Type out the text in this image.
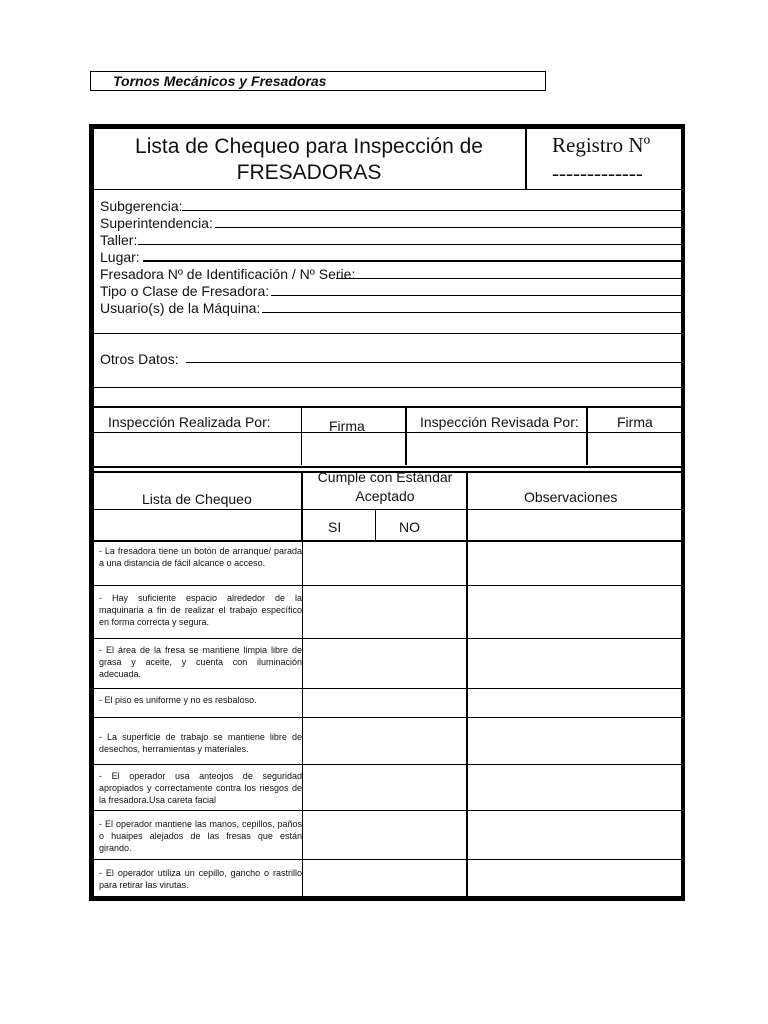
Tornos Mecánicos y Fresadoras
Lista de Chequeo para Inspección de
FRESADORAS
Registro Nº
-------------
Subgerencia:
Superintendencia:
Taller:
Lugar:
Fresadora Nº de Identificación / Nº Serie:
Tipo o Clase de Fresadora:
Usuario(s) de la Máquina:
Otros Datos:
Inspección Realizada Por:	Firma	Inspección Revisada Por:	Firma
Lista de Chequeo
Cumple con Estándar Aceptado
SI	NO
Observaciones
- La fresadora tiene un botón de arranque/ parada a una distancia de fácil alcance o acceso.
- Hay suficiente espacio alrededor de la maquinaria a fin de realizar el trabajo específico en forma correcta y segura.
- El área de la fresa se mantiene limpia libre de grasa y aceite, y cuenta con iluminación adecuada.
- El piso es uniforme y no es resbaloso.
- La superficie de trabajo se mantiene libre de desechos, herramientas y materiales.
- El operador usa anteojos de seguridad apropiados y correctamente contra los riesgos de la fresadora.Usa careta facial
- El operador mantiene las manos, cepillos, paños o huaipes alejados de las fresas que están girando.
- El operador utiliza un cepillo, gancho o rastrillo para retirar las virutas.
